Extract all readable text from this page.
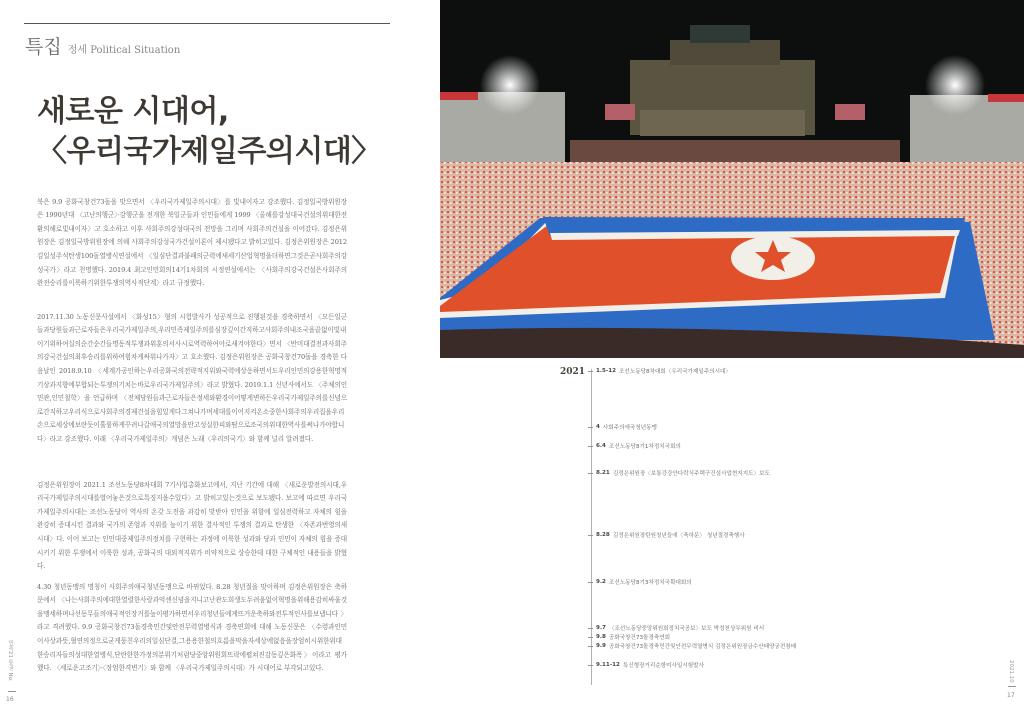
특집 정세 Political Situation
새로운 시대어,
〈우리국가제일주의시대〉

북은 9.9 공화국창건73돌을 맞으면서 〈우리국가제일주의시대〉를 빛내이자고 강조했다. 김정일국방위원장은 1990년대 〈고난의행군〉·강행군을 전개한 북일군들과 인민들에게 1999 〈올해를강성대국건설의위대한전환의해로빛내이자〉고 호소하고 이후 사회주의강성대국의 전망을 그리며 사회주의건설을 이어갔다. 김정은위원장은 김정일국방위원장에 의해 사회주의강성국가건설이론이 제시됐다고 밝히고있다. 김정은위원장은 2012 김일성주석탄생100돌열병식연설에서 〈일심단결과불패의군력에새세기산업혁명을더하면그것은곧사회주의강성국가〉라고 천명했다. 2019.4 최고인민회의14기1차회의 시정연설에서는 〈사회주의강국건설은사회주의완전승리를이룩하기위한투쟁의역사적단계〉라고 규정했다.

2017.11.30 노동신문사설에서 〈화성15〉형의 시험발사가 성공적으로 진행된것을 경축하면서 〈모든일군들과당원들과근로자들은우리국가제일주의,우리민족제일주의를심장깊이간직하고사회주의내조국을끝없이빛내이기위하여실의순간순간들명동적투쟁과위훈의서사시로역력하여아로새겨야한다〉면서 〈반미대결전과사회주의강국건설의최후승리를위하여힘차게싸워나가자〉고 호소했다. 김정은위원장은 공화국창건70돌을 경축한 다음날인 2018.9.10 〈세계가공인하는우리공화국의전략적지위와국력에상응하면서도우리인민의강용한혁명적기상과지향에부합되는투쟁의기치는바로우리국가제일주의〉라고 밝혔다. 2019.1.1 신년사에서도 〈주체의인민관,인민철학〉을 언급하며 〈전체당원들과근로자들은정세와환경이어떻게변하든우리국가제일주의를신념으로간직하고우리식으로사회주의경제건설을힘있게다그쳐나가며세대를이어지켜온소중한사회주의우리집을우리손으로세상에보란듯이훌륭하게꾸려나갈애국의열망을안고성실한피와땀으로조국의위대한역사를써나가야합니다〉라고 강조했다. 이래 〈우리국가제일주의〉개념은 노래〈우리의국기〉와 함께 널리 알려졌다.

김정은위원장이 2021.1 조선노동당8차대회 7기사업총화보고에서, 지난 기간에 대해 〈새로운발전의시대,우리국가제일주의시대를열어놓은것으로특징지을수있다〉고 밝히고있는것으로 보도됐다. 보고에 따르면 우리국가제일주의시대는 조선노동당이 역사의 온갖 도전을 과감히 맞받아 인민을 위함에 일심전력하고 자체의 힘을 완강히 증대시킨 결과와 국가의 존엄과 지위를 높이기 위한 결사적인 투쟁의 결과로 탄생한 〈자존과번영의새시대〉다. 이어 보고는 인민대중제일주의정치를 구현하는 과정에 이룩한 성과와 당과 인민이 자체의 힘을 증대시키기 위한 투쟁에서 이룩한 성과, 공화국의 대외적지위가 비약적으로 상승한데 대한 구체적인 내용들을 밝혔다.

4.30 청년동맹의 명칭이 사회주의애국청년동맹으로 바뀌었다. 8.28 청년절을 맞이하며 김정은위원장은 축하문에서 〈나는사회주의에대한열렬한사랑과억센신념을지니고난관도희생도두려움없이혁명을위해용감히싸울것을맹세하며나선동무들의애국적인장거를높이평가하면서우리청년들에게뜨거운축하와전투적인사를보냅니다〉라고 격려했다. 9.9 공화국창건73돌경축민간및안전무력열병식과 경축연회에 대해 노동신문은 〈수령과인민이사상과뜻,혈연의정으로굳게뭉친우리의일심단결,그용용한철의흐름을막을자세상에없음을장엄히시위한위대한승리자들의성대한열병식,단란한한가정의분위기처럼당중앙위원회뜨락에펼쳐진감동깊은화폭〉이라고 평가했다. 〈세로운고조기〉·〈장엄한격변기〉와 함께 〈우리국가제일주의시대〉가 시대어로 부각되고있다.

민족21 통권 No.
16
2021 1.5-12 조선노동당8차대회〈우리국가제일주의시대〉
4 사회주의애국청년동맹
6.4 조선노동당8기1차정치국회의
8.21 김정은위원장〈보통강강안다락식주택구건설사업현지지도〉보도
8.28 김정은위원장탄원청년들에〈축하문〉 청년절경축행사
9.2 조선노동당8기3차정치국확대회의
9.7 〈조선노동당중앙위원회정치국공보〉보도 박정천상무위원 비서
9.8 공화국창건73돌경축연회
9.9 공화국창건73돌경축민간및안전무력열병식 김정은위원장금수산태양궁전참배
9.11-12 특신형장거리순항미사일시험발사	2021.10
17
